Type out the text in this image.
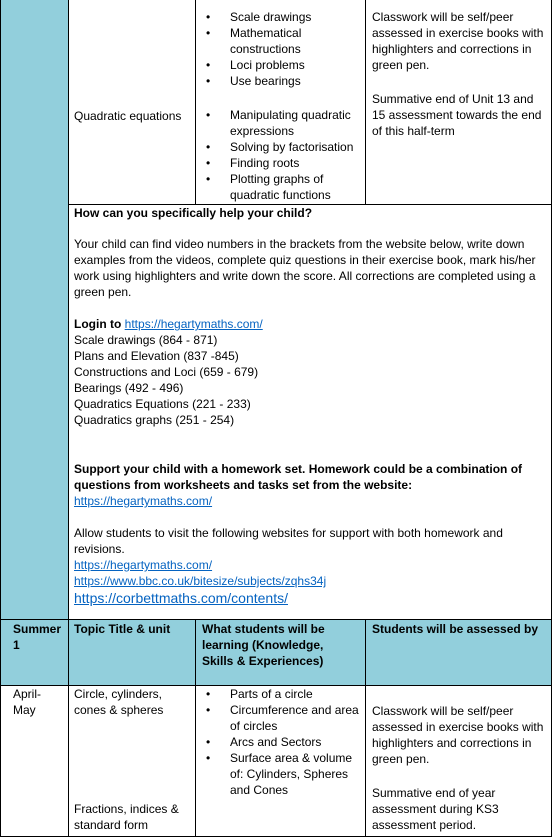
Quadratic equations
• Scale drawings
• Mathematical constructions
• Loci problems
• Use bearings
• Manipulating quadratic expressions
• Solving by factorisation
• Finding roots
• Plotting graphs of quadratic functions
Classwork will be self/peer assessed in exercise books with highlighters and corrections in green pen.
Summative end of Unit 13 and 15 assessment towards the end of this half-term
How can you specifically help your child?
Your child can find video numbers in the brackets from the website below, write down examples from the videos, complete quiz questions in their exercise book, mark his/her work using highlighters and write down the score. All corrections are completed using a green pen.
Login to https://hegartymaths.com/
Scale drawings (864 - 871)
Plans and Elevation (837 -845)
Constructions and Loci (659 - 679)
Bearings (492 - 496)
Quadratics Equations (221 - 233)
Quadratics graphs (251 - 254)
Support your child with a homework set. Homework could be a combination of questions from worksheets and tasks set from the website:
https://hegartymaths.com/
Allow students to visit the following websites for support with both homework and revisions.
https://hegartymaths.com/
https://www.bbc.co.uk/bitesize/subjects/zqhs34j
https://corbettmaths.com/contents/
Summer 1
Topic Title & unit	What students will be learning (Knowledge, Skills & Experiences)
Students will be assessed by
April-May
Circle, cylinders, cones & spheres
Fractions, indices & standard form
• Parts of a circle
• Circumference and area of circles
• Arcs and Sectors
• Surface area & volume of: Cylinders, Spheres and Cones
Classwork will be self/peer assessed in exercise books with highlighters and corrections in green pen.
Summative end of year assessment during KS3 assessment period.
